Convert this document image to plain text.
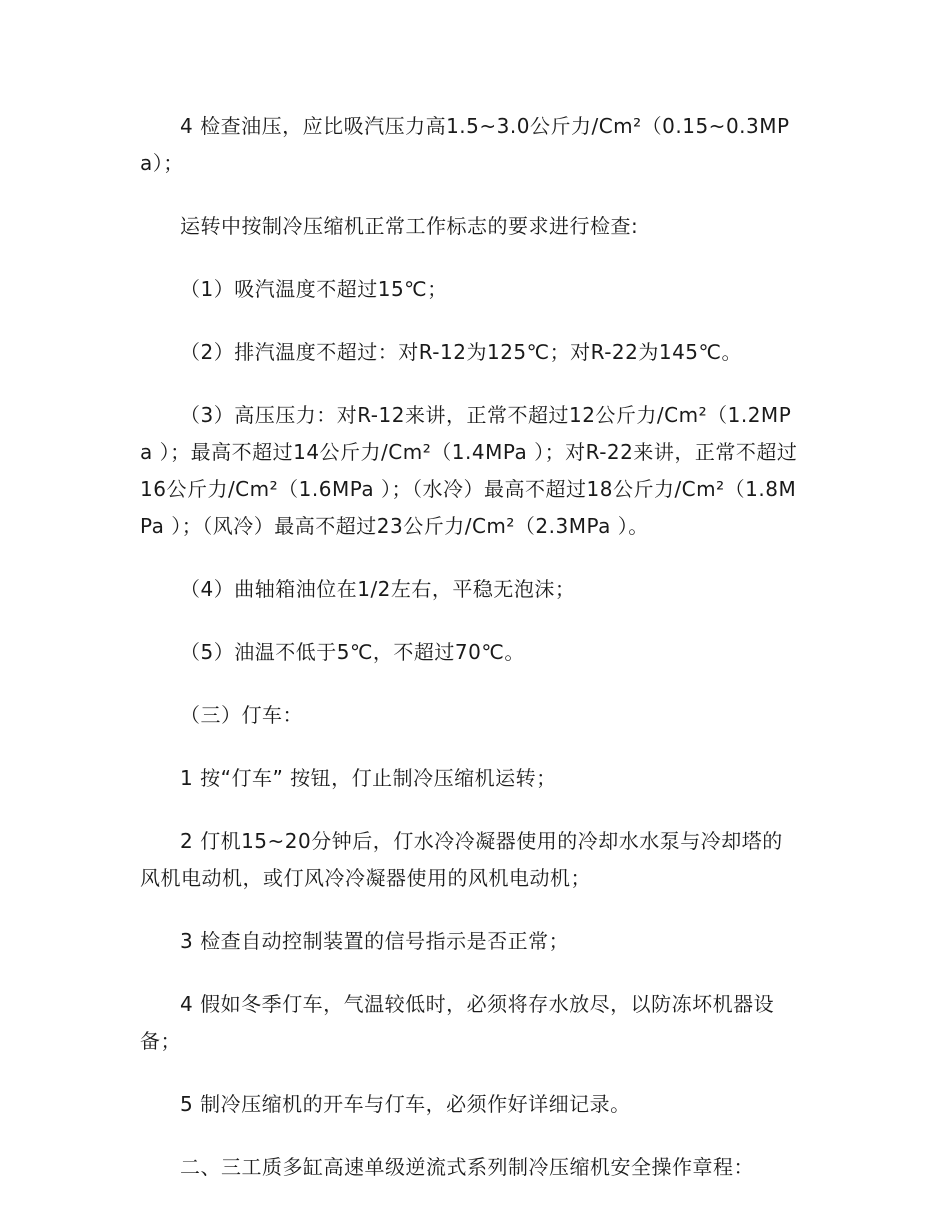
4 检查油压，应比吸汽压力高1.5~3.0公斤力/Cm²（0.15~0.3MPa）；

运转中按制冷压缩机正常工作标志的要求进行检查:

（1）吸汽温度不超过15℃；

（2）排汽温度不超过：对R-12为125℃；对R-22为145℃。

（3）高压压力：对R-12来讲，正常不超过12公斤力/Cm²（1.2MPa ）；最高不超过14公斤力/Cm²（1.4MPa ）；对R-22来讲，正常不超过16公斤力/Cm²（1.6MPa ）；（水冷）最高不超过18公斤力/Cm²（1.8MPa ）；（风冷）最高不超过23公斤力/Cm²（2.3MPa ）。

（4）曲轴箱油位在1/2左右，平稳无泡沫；

（5）油温不低于5℃，不超过70℃。

（三）仃车：

1 按“仃车” 按钮，仃止制冷压缩机运转；

2 仃机15~20分钟后，仃水冷冷凝器使用的冷却水水泵与冷却塔的风机电动机，或仃风冷冷凝器使用的风机电动机；

3 检查自动控制装置的信号指示是否正常；

4 假如冬季仃车，气温较低时，必须将存水放尽，以防冻坏机器设备；

5 制冷压缩机的开车与仃车，必须作好详细记录。

二、三工质多缸高速单级逆流式系列制冷压缩机安全操作章程：
